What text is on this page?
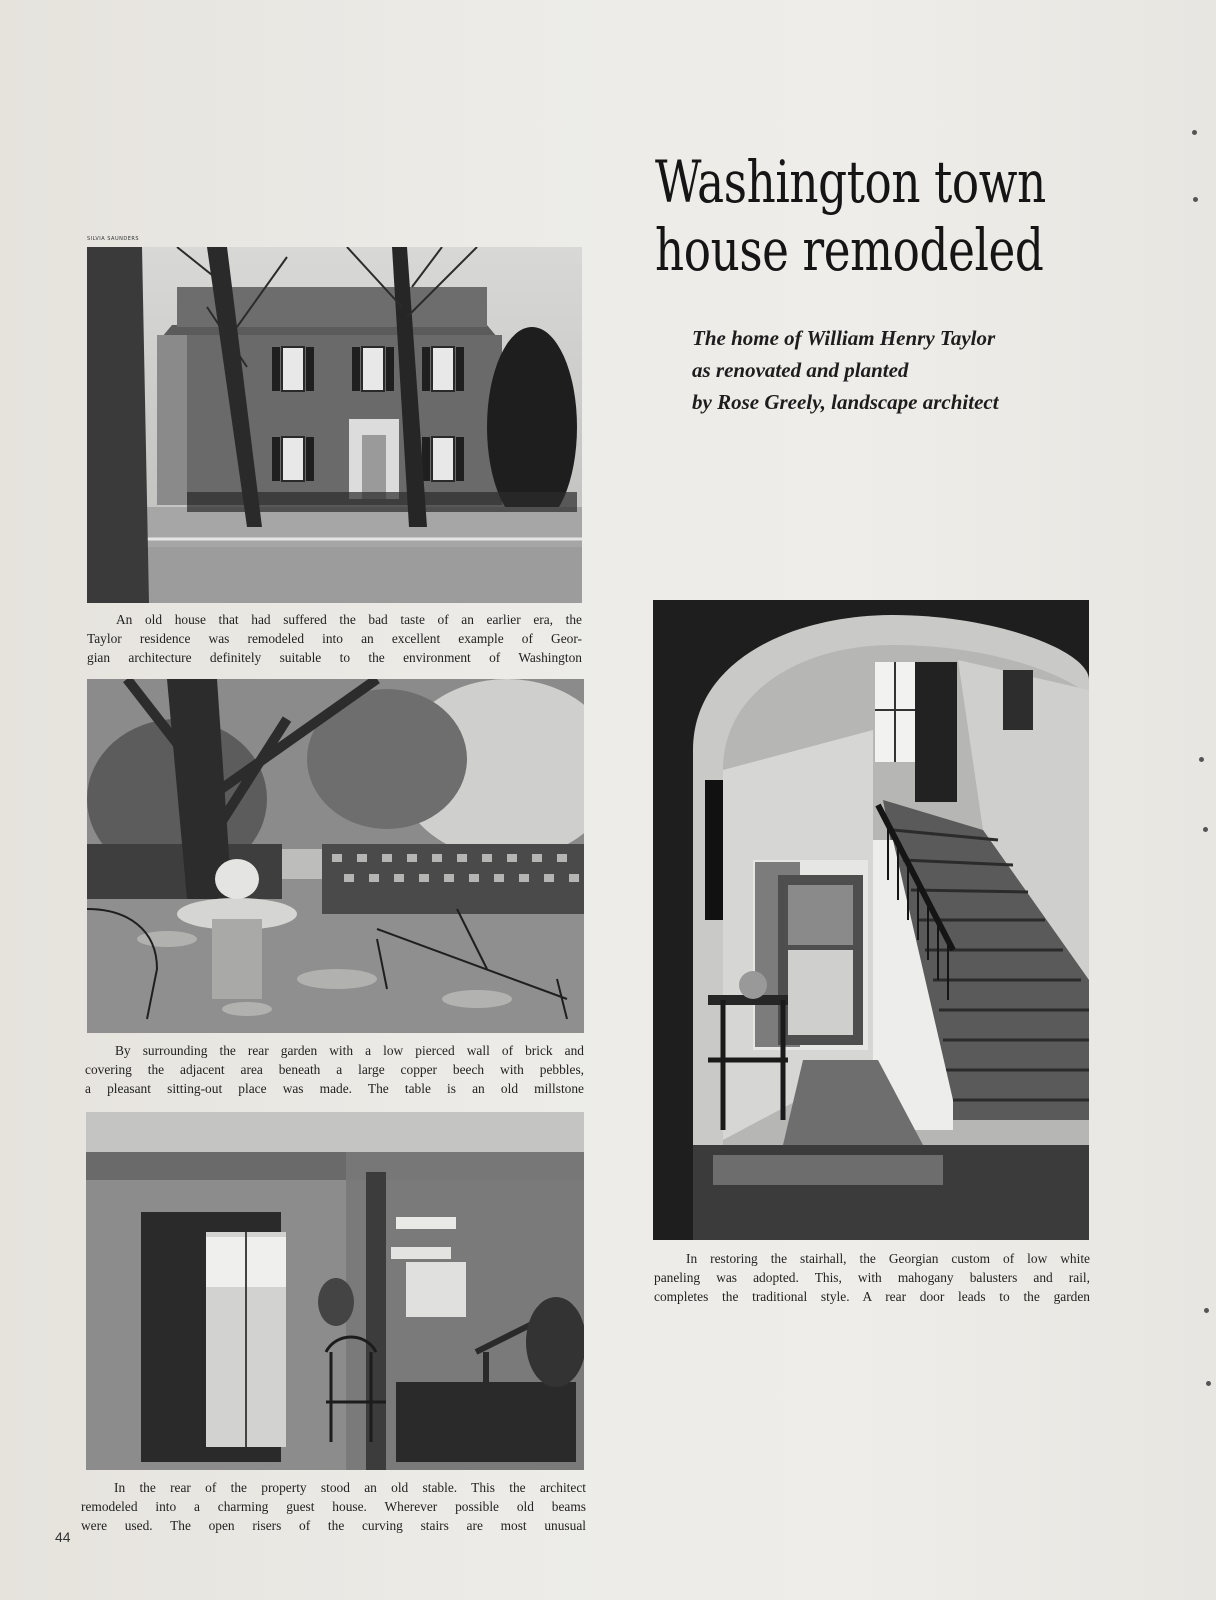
Washington town
house remodeled
The home of William Henry Taylor
as renovated and planted
by Rose Greely, landscape architect
SILVIA SAUNDERS
An old house that had suffered the bad taste of an earlier era, the
Taylor residence was remodeled into an excellent example of Geor-
gian architecture definitely suitable to the environment of Washington
By surrounding the rear garden with a low pierced wall of brick and
covering the adjacent area beneath a large copper beech with pebbles,
a pleasant sitting-out place was made. The table is an old millstone
In the rear of the property stood an old stable. This the architect
remodeled into a charming guest house. Wherever possible old beams
were used. The open risers of the curving stairs are most unusual
In restoring the stairhall, the Georgian custom of low white
paneling was adopted. This, with mahogany balusters and rail,
completes the traditional style. A rear door leads to the garden
44
